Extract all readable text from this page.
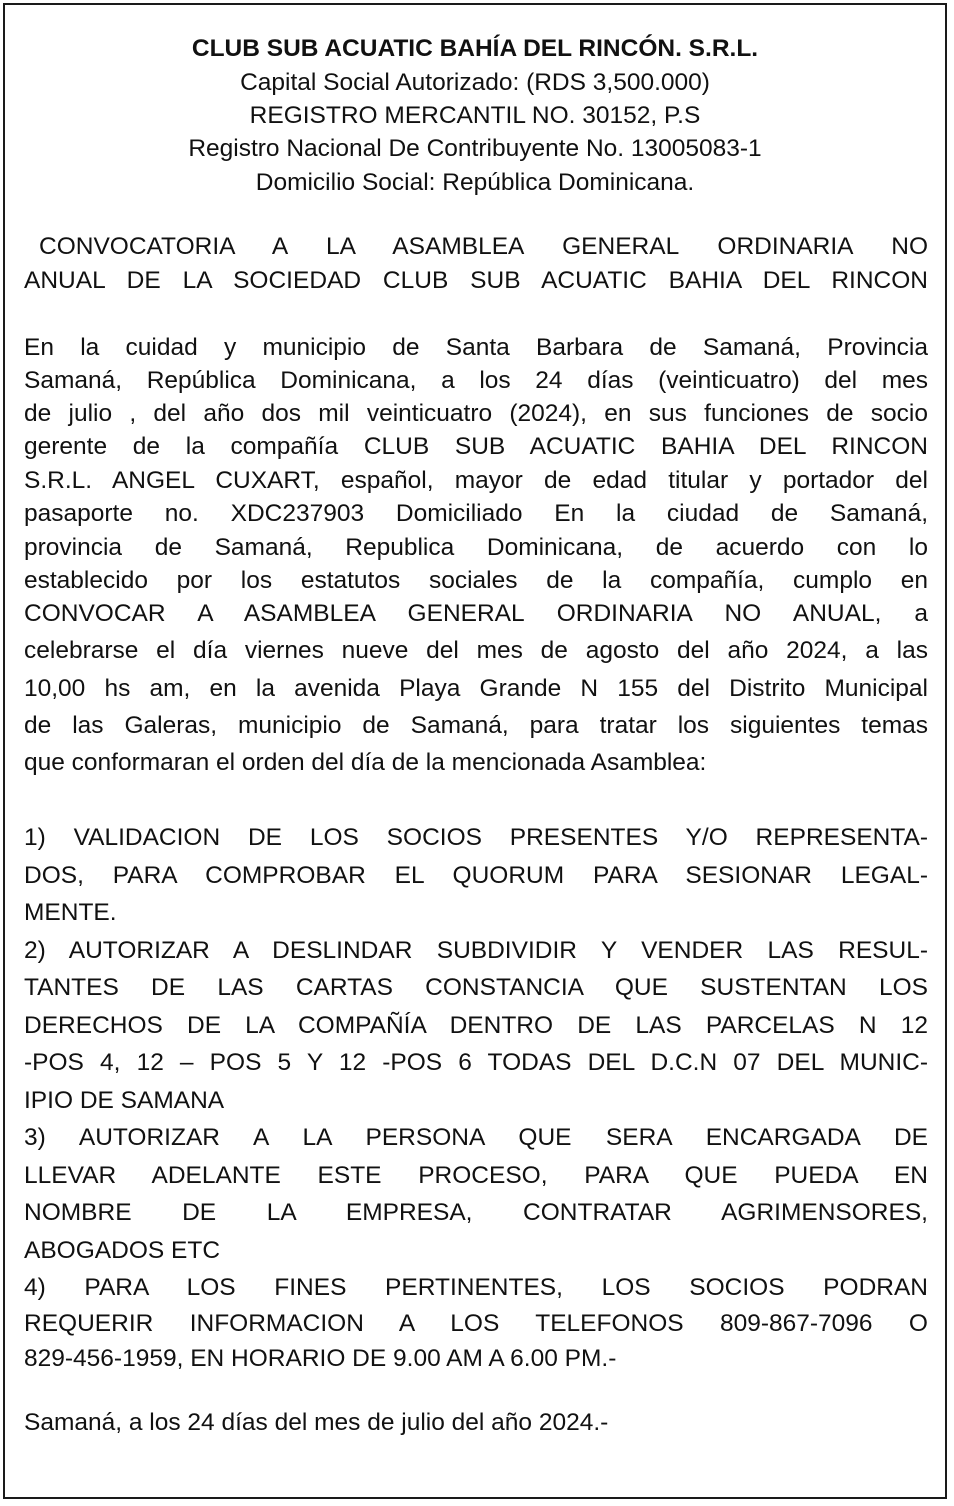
CLUB SUB ACUATIC BAHÍA DEL RINCÓN. S.R.L.
Capital Social Autorizado: (RDS 3,500.000)
REGISTRO MERCANTIL NO. 30152, P.S
Registro Nacional De Contribuyente No. 13005083-1
Domicilio Social: República Dominicana.
CONVOCATORIA A LA ASAMBLEA GENERAL ORDINARIA NO
ANUAL DE LA SOCIEDAD CLUB SUB ACUATIC BAHIA DEL RINCON
En la cuidad y municipio de Santa Barbara de Samaná, Provincia
Samaná, República Dominicana, a los 24 días (veinticuatro) del mes
de julio , del año dos mil veinticuatro (2024), en sus funciones de socio
gerente de la compañía CLUB SUB ACUATIC BAHIA DEL RINCON
S.R.L. ANGEL CUXART, español, mayor de edad titular y portador del
pasaporte no. XDC237903 Domiciliado En la ciudad de Samaná,
provincia de Samaná, Republica Dominicana, de acuerdo con lo
establecido por los estatutos sociales de la compañía, cumplo en
CONVOCAR A ASAMBLEA GENERAL ORDINARIA NO ANUAL, a
celebrarse el día viernes nueve del mes de agosto del año 2024, a las
10,00 hs am, en la avenida Playa Grande N 155 del Distrito Municipal
de las Galeras, municipio de Samaná, para tratar los siguientes temas
que conformaran el orden del día de la mencionada Asamblea:
1) VALIDACION DE LOS SOCIOS PRESENTES Y/O REPRESENTA-
DOS, PARA COMPROBAR EL QUORUM PARA SESIONAR LEGAL-
MENTE.
2) AUTORIZAR A DESLINDAR SUBDIVIDIR Y VENDER LAS RESUL-
TANTES DE LAS CARTAS CONSTANCIA QUE SUSTENTAN LOS
DERECHOS DE LA COMPAÑÍA DENTRO DE LAS PARCELAS N 12
-POS 4, 12 – POS 5 Y 12 -POS 6 TODAS DEL D.C.N 07 DEL MUNIC-
IPIO DE SAMANA
3) AUTORIZAR A LA PERSONA QUE SERA ENCARGADA DE
LLEVAR ADELANTE ESTE PROCESO, PARA QUE PUEDA EN
NOMBRE DE LA EMPRESA, CONTRATAR AGRIMENSORES,
ABOGADOS ETC
4) PARA LOS FINES PERTINENTES, LOS SOCIOS PODRAN
REQUERIR INFORMACION A LOS TELEFONOS 809-867-7096 O
829-456-1959, EN HORARIO DE 9.00 AM A 6.00 PM.-
Samaná, a los 24 días del mes de julio del año 2024.-
